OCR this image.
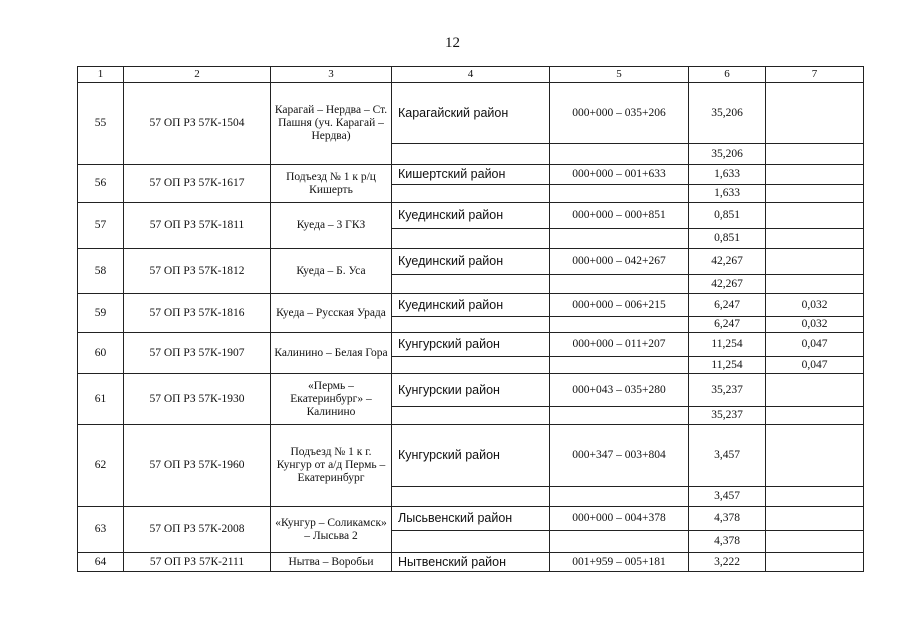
12
1	2	3	4	5	6	7
55	57 ОП РЗ 57К-1504	Карагай – Нердва – Ст. Пашня (уч. Карагай – Нердва)	Карагайский район	000+000 – 035+206	35,206	
					35,206	
56	57 ОП РЗ 57К-1617	Подъезд № 1 к р/ц Кишерть	Кишертский район	000+000 – 001+633	1,633	
					1,633	
57	57 ОП РЗ 57К-1811	Куеда – 3 ГКЗ	Куединский район	000+000 – 000+851	0,851	
					0,851	
58	57 ОП РЗ 57К-1812	Куеда – Б. Уса	Куединский район	000+000 – 042+267	42,267	
					42,267	
59	57 ОП РЗ 57К-1816	Куеда – Русская Урада	Куединский район	000+000 – 006+215	6,247	0,032
					6,247	0,032
60	57 ОП РЗ 57К-1907	Калинино – Белая Гора	Кунгурский район	000+000 – 011+207	11,254	0,047
					11,254	0,047
61	57 ОП РЗ 57К-1930	«Пермь – Екатеринбург» – Калинино	Кунгурскии район	000+043 – 035+280	35,237	
					35,237	
62	57 ОП РЗ 57К-1960	Подъезд № 1 к г. Кунгур от а/д Пермь – Екатеринбург	Кунгурский район	000+347 – 003+804	3,457	
					3,457	
63	57 ОП РЗ 57К-2008	«Кунгур – Соликамск» – Лысьва 2	Лысьвенский район	000+000 – 004+378	4,378	
					4,378	
64	57 ОП РЗ 57К-2111	Нытва – Воробьи	Нытвенский район	001+959 – 005+181	3,222	
